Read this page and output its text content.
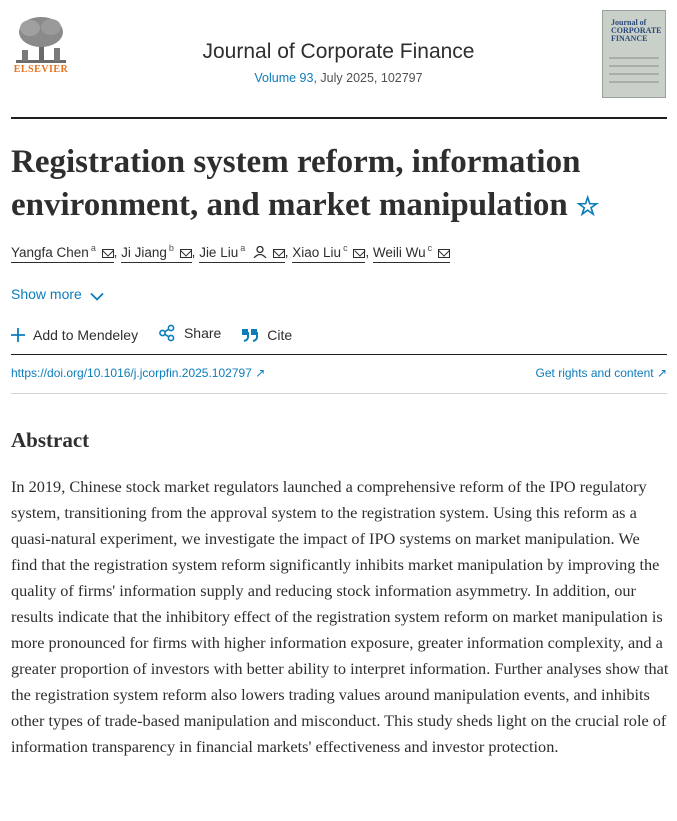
ELSEVIER
Journal of Corporate Finance
Volume 93, July 2025, 102797
Journal of
CORPORATE
FINANCE
Registration system reform, information environment, and market manipulation ☆
Yangfa Chen $^a$ , Ji Jiang $^b$ , Jie Liu $^a$	, Xiao Liu $^c$ , Weili Wu $^c$
Show more
Add to Mendeley
	Share
	Cite
https://doi.org/10.1016/j.jcorpfin.2025.102797 ↗	Get rights and content ↗
Abstract

In 2019, Chinese stock market regulators launched a comprehensive reform of the IPO regulatory system, transitioning from the approval system to the registration system. Using this reform as a quasi-natural experiment, we investigate the impact of IPO systems on market manipulation. We find that the registration system reform significantly inhibits market manipulation by improving the quality of firms' information supply and reducing stock information asymmetry. In addition, our results indicate that the inhibitory effect of the registration system reform on market manipulation is more pronounced for firms with higher information exposure, greater information complexity, and a greater proportion of investors with better ability to interpret information. Further analyses show that the registration system reform also lowers trading values around manipulation events, and inhibits other types of trade-based manipulation and misconduct. This study sheds light on the crucial role of information transparency in financial markets' effectiveness and investor protection.
